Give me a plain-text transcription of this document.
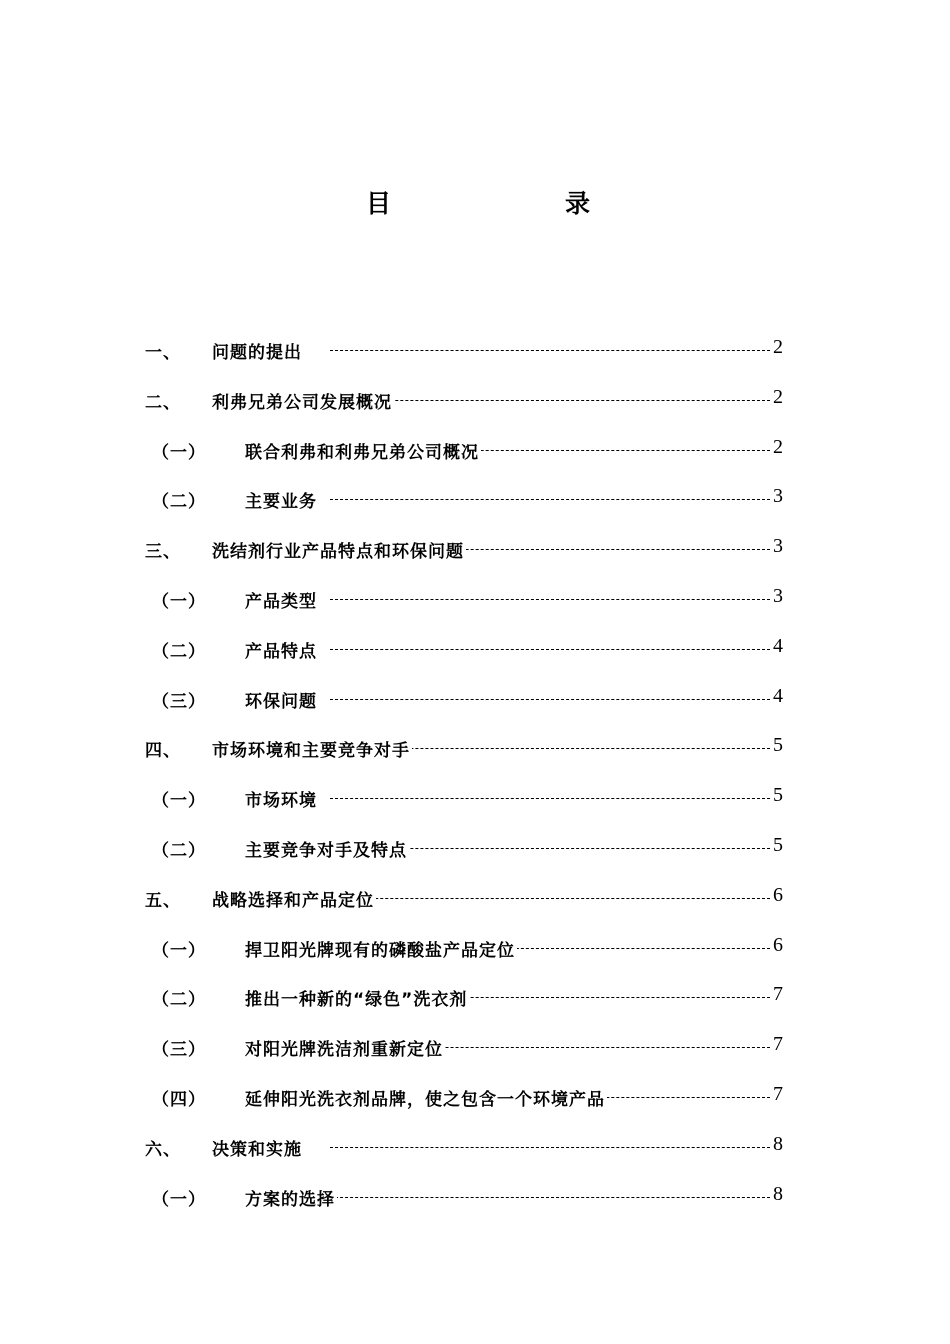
目	录
一、 问题的提出	2
二、 利弗兄弟公司发展概况	2
（一） 联合利弗和利弗兄弟公司概况	2
（二） 主要业务	3
三、 洗结剂行业产品特点和环保问题	3
（一） 产品类型	3
（二） 产品特点	4
（三） 环保问题	4
四、 市场环境和主要竞争对手	5
（一） 市场环境	5
（二） 主要竞争对手及特点	5
五、 战略选择和产品定位	6
（一） 捍卫阳光牌现有的磷酸盐产品定位	6
（二） 推出一种新的“绿色”洗衣剂	7
（三） 对阳光牌洗洁剂重新定位	7
（四） 延伸阳光洗衣剂品牌，使之包含一个环境产品	7
六、 决策和实施	8
（一） 方案的选择	8
